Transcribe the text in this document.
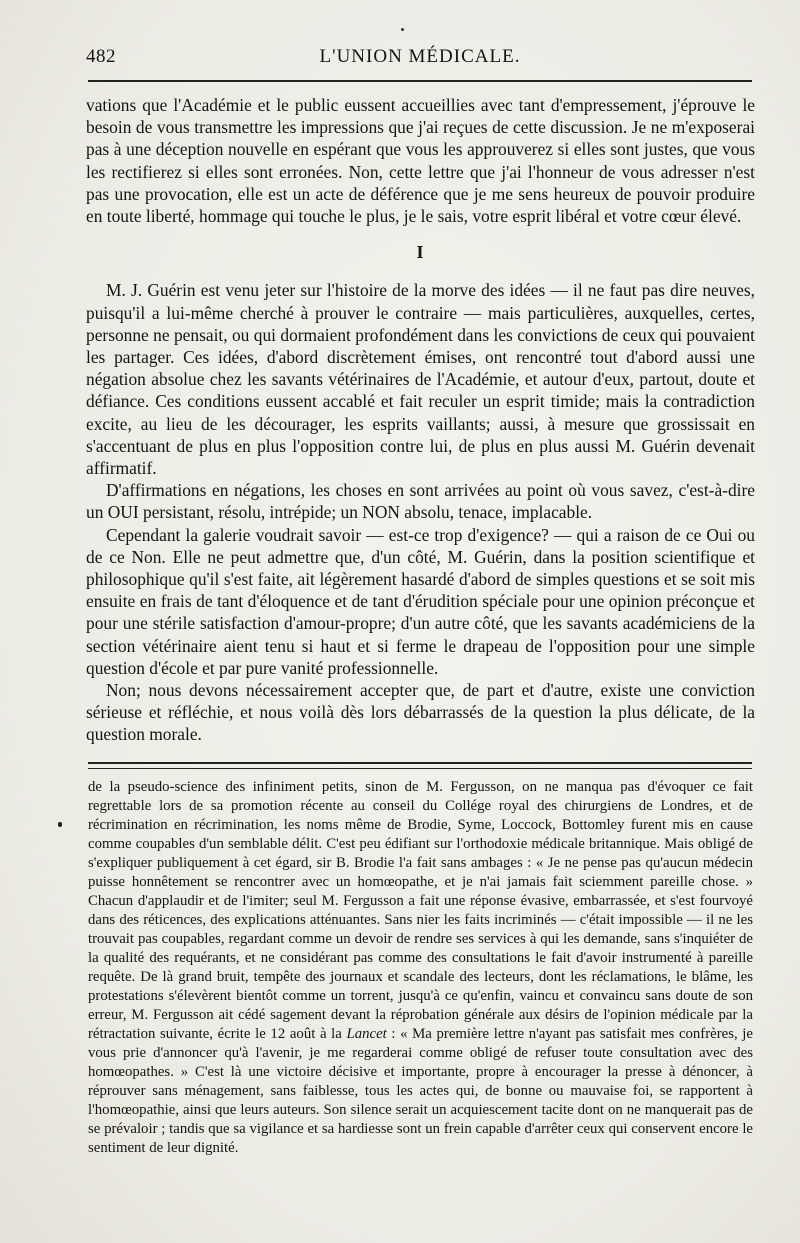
482	L'UNION MÉDICALE.

vations que l'Académie et le public eussent accueillies avec tant d'empressement, j'éprouve le besoin de vous transmettre les impressions que j'ai reçues de cette discussion. Je ne m'exposerai pas à une déception nouvelle en espérant que vous les approuverez si elles sont justes, que vous les rectifierez si elles sont erronées. Non, cette lettre que j'ai l'honneur de vous adresser n'est pas une provocation, elle est un acte de déférence que je me sens heureux de pouvoir produire en toute liberté, hommage qui touche le plus, je le sais, votre esprit libéral et votre cœur élevé.

I

M. J. Guérin est venu jeter sur l'histoire de la morve des idées — il ne faut pas dire neuves, puisqu'il a lui-même cherché à prouver le contraire — mais particulières, auxquelles, certes, personne ne pensait, ou qui dormaient profondément dans les convictions de ceux qui pouvaient les partager. Ces idées, d'abord discrètement émises, ont rencontré tout d'abord aussi une négation absolue chez les savants vétérinaires de l'Académie, et autour d'eux, partout, doute et défiance. Ces conditions eussent accablé et fait reculer un esprit timide; mais la contradiction excite, au lieu de les décourager, les esprits vaillants; aussi, à mesure que grossissait en s'accentuant de plus en plus l'opposition contre lui, de plus en plus aussi M. Guérin devenait affirmatif.

D'affirmations en négations, les choses en sont arrivées au point où vous savez, c'est-à-dire un OUI persistant, résolu, intrépide; un NON absolu, tenace, implacable.

Cependant la galerie voudrait savoir — est-ce trop d'exigence? — qui a raison de ce Oui ou de ce Non. Elle ne peut admettre que, d'un côté, M. Guérin, dans la position scientifique et philosophique qu'il s'est faite, ait légèrement hasardé d'abord de simples questions et se soit mis ensuite en frais de tant d'éloquence et de tant d'érudition spéciale pour une opinion préconçue et pour une stérile satisfaction d'amour-propre; d'un autre côté, que les savants académiciens de la section vétérinaire aient tenu si haut et si ferme le drapeau de l'opposition pour une simple question d'école et par pure vanité professionnelle.

Non; nous devons nécessairement accepter que, de part et d'autre, existe une conviction sérieuse et réfléchie, et nous voilà dès lors débarrassés de la question la plus délicate, de la question morale.

de la pseudo-science des infiniment petits, sinon de M. Fergusson, on ne manqua pas d'évoquer ce fait regrettable lors de sa promotion récente au conseil du Collége royal des chirurgiens de Londres, et de récrimination en récrimination, les noms même de Brodie, Syme, Loccock, Bottomley furent mis en cause comme coupables d'un semblable délit. C'est peu édifiant sur l'orthodoxie médicale britannique. Mais obligé de s'expliquer publiquement à cet égard, sir B. Brodie l'a fait sans ambages : « Je ne pense pas qu'aucun médecin puisse honnêtement se rencontrer avec un homœopathe, et je n'ai jamais fait sciemment pareille chose. » Chacun d'applaudir et de l'imiter; seul M. Fergusson a fait une réponse évasive, embarrassée, et s'est fourvoyé dans des réticences, des explications atténuantes. Sans nier les faits incriminés — c'était impossible — il ne les trouvait pas coupables, regardant comme un devoir de rendre ses services à qui les demande, sans s'inquiéter de la qualité des requérants, et ne considérant pas comme des consultations le fait d'avoir instrumenté à pareille requête. De là grand bruit, tempête des journaux et scandale des lecteurs, dont les réclamations, le blâme, les protestations s'élevèrent bientôt comme un torrent, jusqu'à ce qu'enfin, vaincu et convaincu sans doute de son erreur, M. Fergusson ait cédé sagement devant la réprobation générale aux désirs de l'opinion médicale par la rétractation suivante, écrite le 12 août à la Lancet : « Ma première lettre n'ayant pas satisfait mes confrères, je vous prie d'annoncer qu'à l'avenir, je me regarderai comme obligé de refuser toute consultation avec des homœopathes. » C'est là une victoire décisive et importante, propre à encourager la presse à dénoncer, à réprouver sans ménagement, sans faiblesse, tous les actes qui, de bonne ou mauvaise foi, se rapportent à l'homœopathie, ainsi que leurs auteurs. Son silence serait un acquiescement tacite dont on ne manquerait pas de se prévaloir ; tandis que sa vigilance et sa hardiesse sont un frein capable d'arrêter ceux qui conservent encore le sentiment de leur dignité.
